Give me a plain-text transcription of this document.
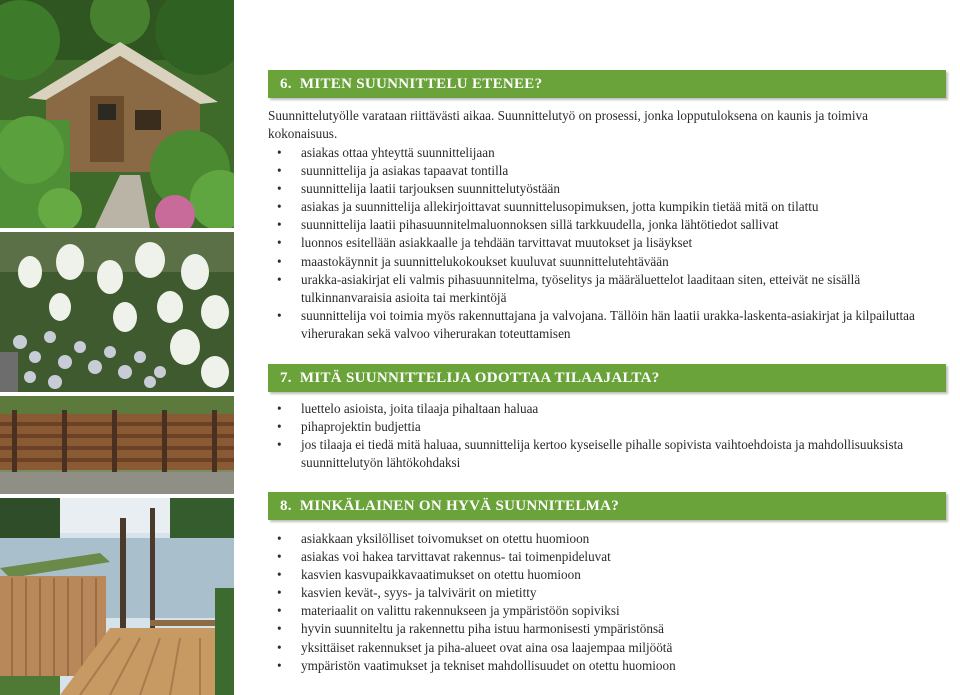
6. MITEN SUUNNITTELU ETENEE?
Suunnittelutyölle varataan riittävästi aikaa. Suunnittelutyö on prosessi, jonka lopputuloksena on kaunis ja toimiva kokonaisuus.
• asiakas ottaa yhteyttä suunnittelijaan
• suunnittelija ja asiakas tapaavat tontilla
• suunnittelija laatii tarjouksen suunnittelutyöstään
• asiakas ja suunnittelija allekirjoittavat suunnittelusopimuksen, jotta kumpikin tietää mitä on tilattu
• suunnittelija laatii pihasuunnitelmaluonnoksen sillä tarkkuudella, jonka lähtötiedot sallivat
• luonnos esitellään asiakkaalle ja tehdään tarvittavat muutokset ja lisäykset
• maastokäynnit ja suunnittelukokoukset kuuluvat suunnittelutehtävään
• urakka-asiakirjat eli valmis pihasuunnitelma, työselitys ja määräluettelot laaditaan siten, etteivät ne sisällä tulkinnanvaraisia asioita tai merkintöjä
• suunnittelija voi toimia myös rakennuttajana ja valvojana. Tällöin hän laatii urakka-laskenta-asiakirjat ja kilpailuttaa viherurakan sekä valvoo viherurakan toteuttamisen
7. MITÄ SUUNNITTELIJA ODOTTAA TILAAJALTA?
• luettelo asioista, joita tilaaja pihaltaan haluaa
• pihaprojektin budjettia
• jos tilaaja ei tiedä mitä haluaa, suunnittelija kertoo kyseiselle pihalle sopivista vaihtoehdoista ja mahdollisuuksista suunnittelutyön lähtökohdaksi
8. MINKÄLAINEN ON HYVÄ SUUNNITELMA?
• asiakkaan yksilölliset toivomukset on otettu huomioon
• asiakas voi hakea tarvittavat rakennus- tai toimenpideluvat
• kasvien kasvupaikkavaatimukset on otettu huomioon
• kasvien kevät-, syys- ja talvivärit on mietitty
• materiaalit on valittu rakennukseen ja ympäristöön sopiviksi
• hyvin suunniteltu ja rakennettu piha istuu harmonisesti ympäristönsä
• yksittäiset rakennukset ja piha-alueet ovat aina osa laajempaa miljöötä
• ympäristön vaatimukset ja tekniset mahdollisuudet on otettu huomioon
